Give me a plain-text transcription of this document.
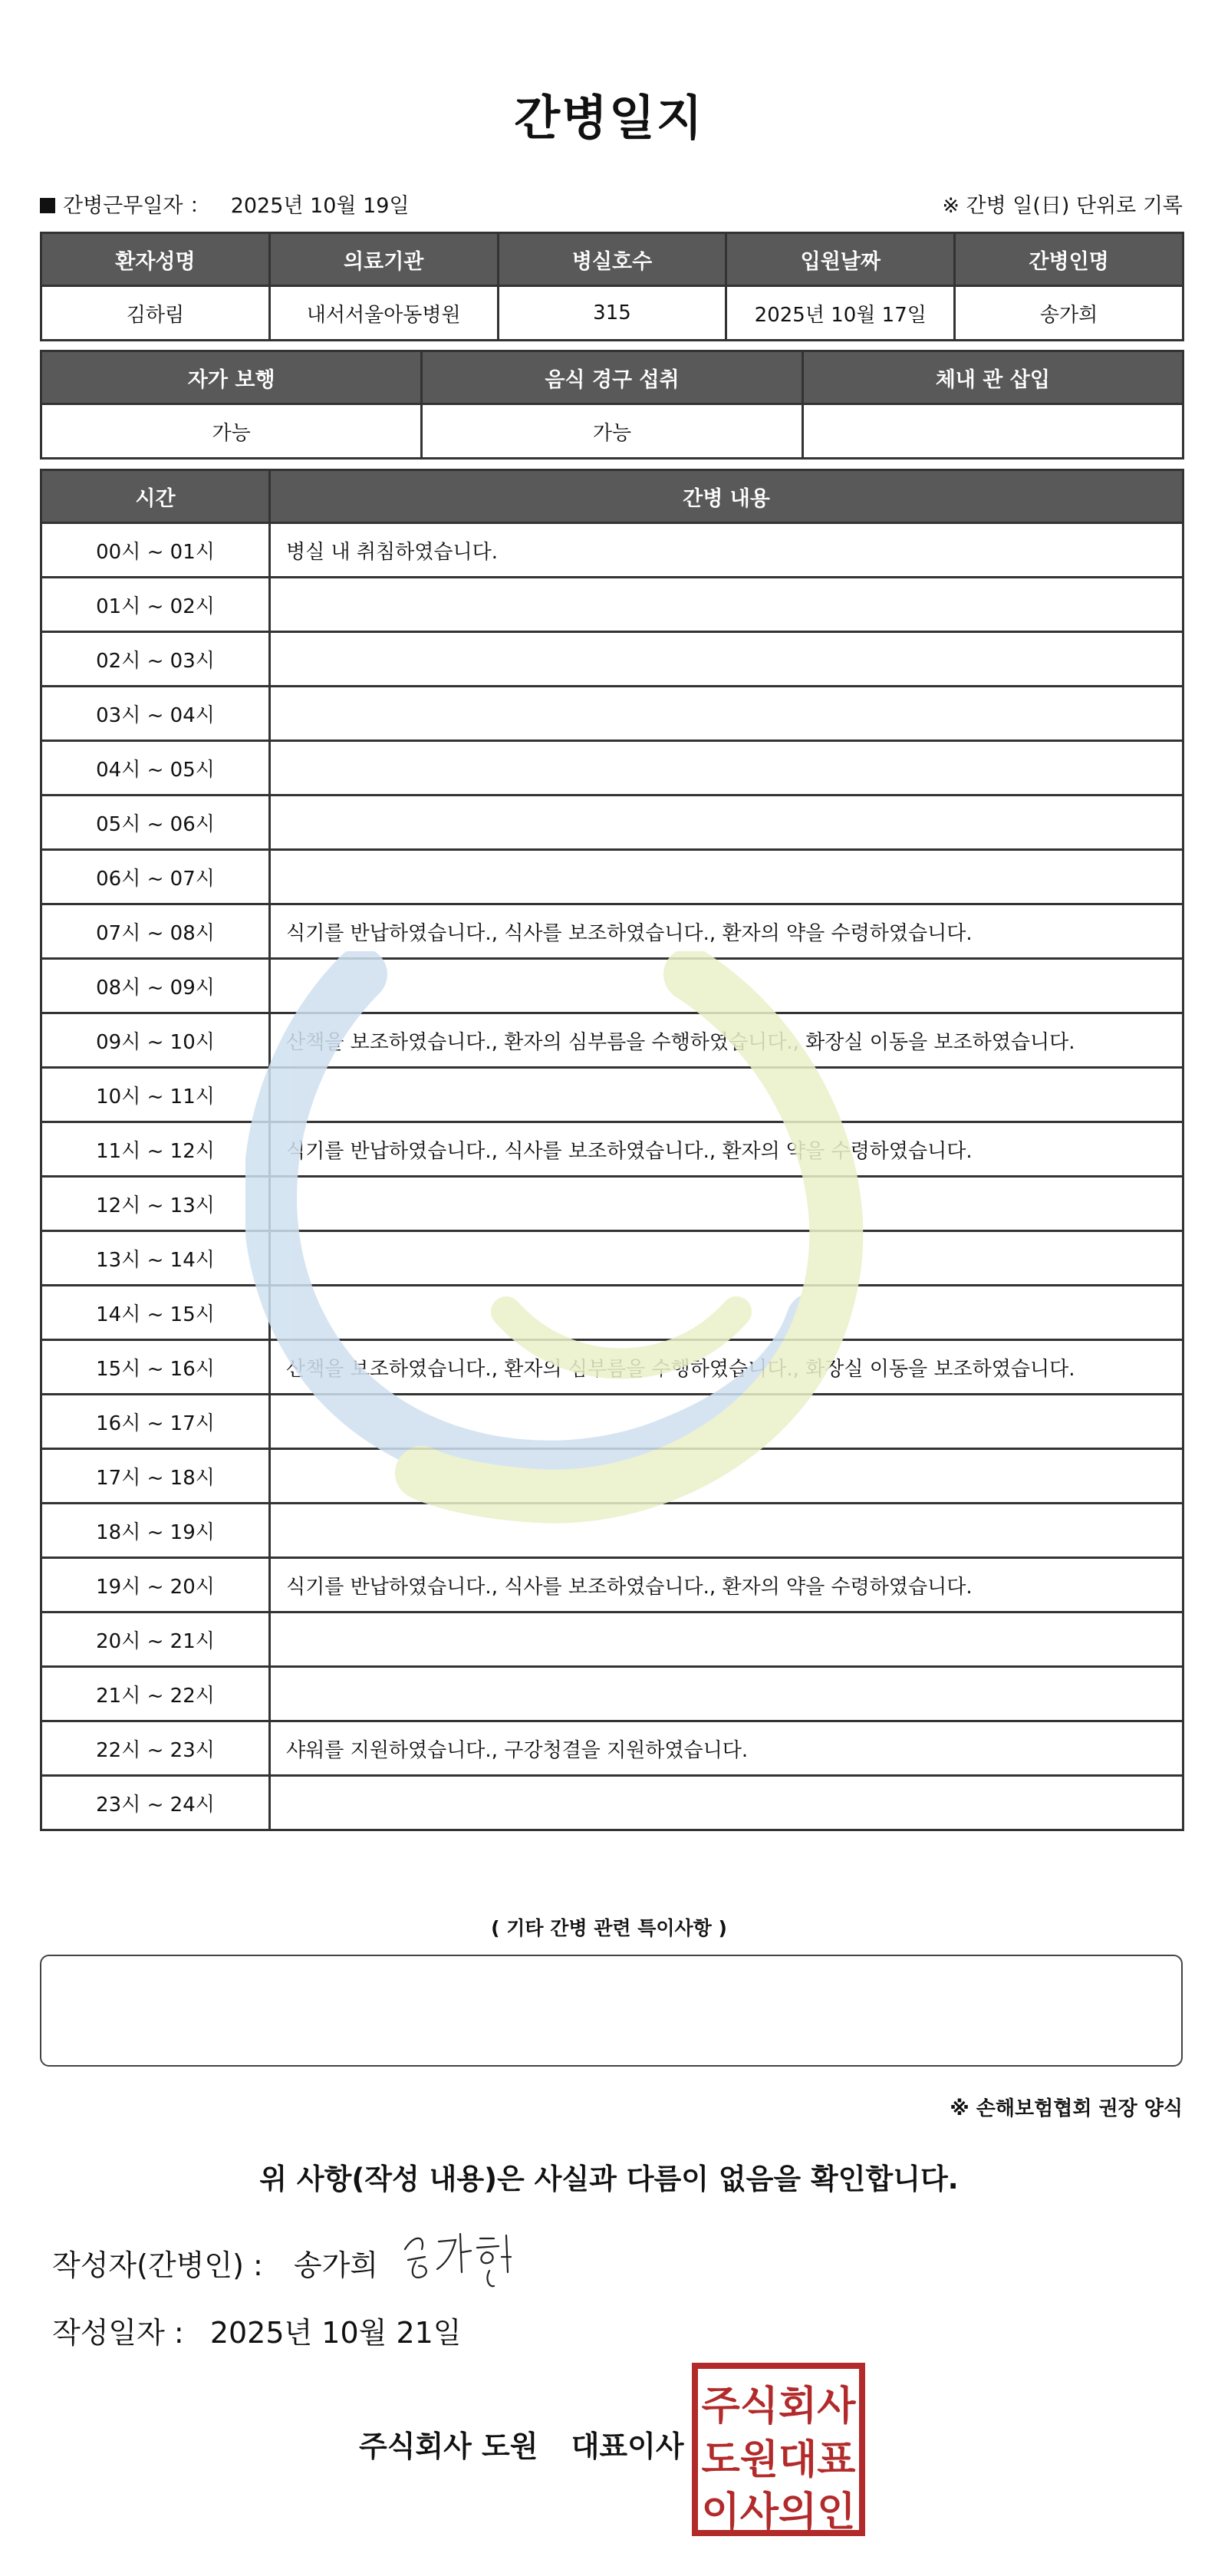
간병일지
간병근무일자 ： 2025년 10월 19일	※ 간병 일(日) 단위로 기록
환자성명	의료기관	병실호수	입원날짜	간병인명
김하림	내서서울아동병원	315	2025년 10월 17일	송가희
자가 보행	음식 경구 섭취	체내 관 삽입
가능	가능	
시간	간병 내용
00시 ~ 01시	병실 내 취침하였습니다.
01시 ~ 02시	
02시 ~ 03시	
03시 ~ 04시	
04시 ~ 05시	
05시 ~ 06시	
06시 ~ 07시	
07시 ~ 08시	식기를 반납하였습니다., 식사를 보조하였습니다., 환자의 약을 수령하였습니다.
08시 ~ 09시	
09시 ~ 10시	산책을 보조하였습니다., 환자의 심부름을 수행하였습니다., 화장실 이동을 보조하였습니다.
10시 ~ 11시	
11시 ~ 12시	식기를 반납하였습니다., 식사를 보조하였습니다., 환자의 약을 수령하였습니다.
12시 ~ 13시	
13시 ~ 14시	
14시 ~ 15시	
15시 ~ 16시	산책을 보조하였습니다., 환자의 심부름을 수행하였습니다., 화장실 이동을 보조하였습니다.
16시 ~ 17시	
17시 ~ 18시	
18시 ~ 19시	
19시 ~ 20시	식기를 반납하였습니다., 식사를 보조하였습니다., 환자의 약을 수령하였습니다.
20시 ~ 21시	
21시 ~ 22시	
22시 ~ 23시	샤워를 지원하였습니다., 구강청결을 지원하였습니다.
23시 ~ 24시	
( 기타 간병 관련 특이사항 )
※ 손해보험협회 권장 양식
위 사항(작성 내용)은 사실과 다름이 없음을 확인합니다.
작성자(간병인) : 송가희
작성일자 : 2025년 10월 21일
주식회사 도원 대표이사
주식회사
도원대표
이사의인
